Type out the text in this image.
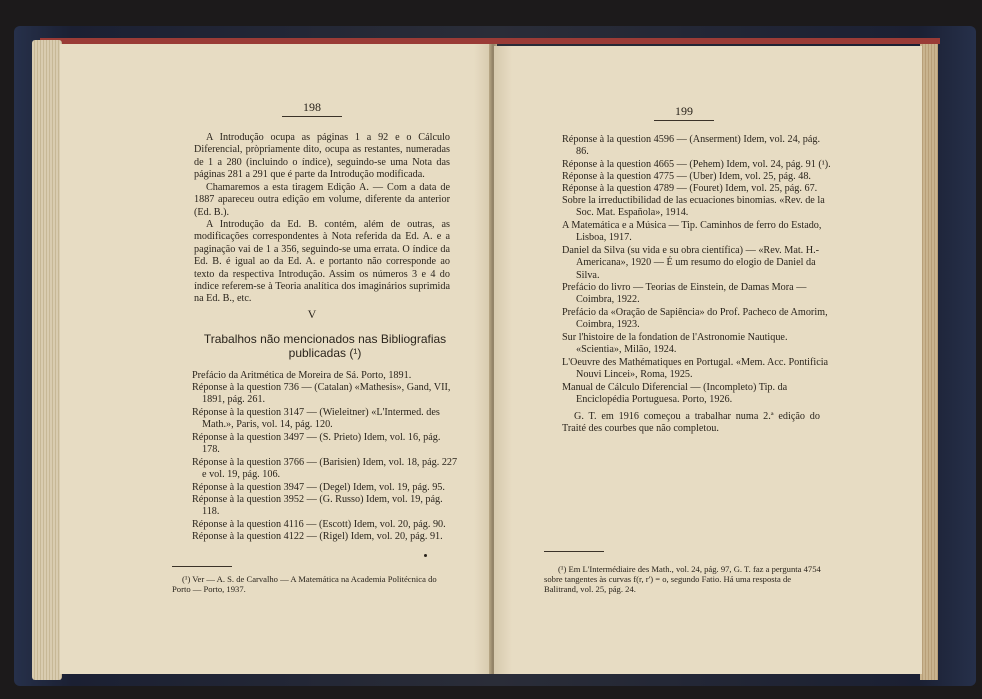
198

A Introdução ocupa as páginas 1 a 92 e o Cálculo Diferencial, pròpriamente dito, ocupa as restantes, numeradas de 1 a 280 (incluindo o índice), seguindo-se uma Nota das páginas 281 a 291 que é parte da Introdução modificada.

Chamaremos a esta tiragem Edição A. — Com a data de 1887 apareceu outra edição em volume, diferente da anterior (Ed. B.).

A Introdução da Ed. B. contém, além de outras, as modificações correspondentes à Nota referida da Ed. A. e a paginação vai de 1 a 356, seguindo-se uma errata. O índice da Ed. B. é igual ao da Ed. A. e portanto não corresponde ao texto da respectiva Introdução. Assim os números 3 e 4 do índice referem-se à Teoria analítica dos imaginários suprimida na Ed. B., etc.

V

Trabalhos não mencionados nas Bibliografias
publicadas (¹)

Prefácio da Aritmética de Moreira de Sá. Porto, 1891.

Réponse à la question 736 — (Catalan) «Mathesis», Gand, VII, 1891, pág. 261.

Réponse à la question 3147 — (Wieleitner) «L'Intermed. des Math.», Paris, vol. 14, pág. 120.

Réponse à la question 3497 — (S. Prieto) Idem, vol. 16, pág. 178.

Réponse à la question 3766 — (Barisien) Idem, vol. 18, pág. 227 e vol. 19, pág. 106.

Réponse à la question 3947 — (Degel) Idem, vol. 19, pág. 95.

Réponse à la question 3952 — (G. Russo) Idem, vol. 19, pág. 118.

Réponse à la question 4116 — (Escott) Idem, vol. 20, pág. 90.

Réponse à la question 4122 — (Rigel) Idem, vol. 20, pág. 91.

(¹) Ver — A. S. de Carvalho — A Matemática na Academia Politécnica do Porto — Porto, 1937.

199

Réponse à la question 4596 — (Anserment) Idem, vol. 24, pág. 86.

Réponse à la question 4665 — (Pehem) Idem, vol. 24, pág. 91 (¹).

Réponse à la question 4775 — (Uber) Idem, vol. 25, pág. 48.

Réponse à la question 4789 — (Fouret) Idem, vol. 25, pág. 67.

Sobre la irreductibilidad de las ecuaciones binomias. «Rev. de la Soc. Mat. Española», 1914.

A Matemática e a Música — Tip. Caminhos de ferro do Estado, Lisboa, 1917.

Daniel da Silva (su vida e su obra científica) — «Rev. Mat. H.-Americana», 1920 — É um resumo do elogio de Daniel da Silva.

Prefácio do livro — Teorias de Einstein, de Damas Mora — Coimbra, 1922.

Prefácio da «Oração de Sapiência» do Prof. Pacheco de Amorim, Coimbra, 1923.

Sur l'histoire de la fondation de l'Astronomie Nautique. «Scientia», Milão, 1924.

L'Oeuvre des Mathématiques en Portugal. «Mem. Acc. Pontificia Nouvi Lincei», Roma, 1925.

Manual de Cálculo Diferencial — (Incompleto) Tip. da Enciclopédia Portuguesa. Porto, 1926.

G. T. em 1916 começou a trabalhar numa 2.ª edição do Traité des courbes que não completou.

(¹) Em L'Intermédiaire des Math., vol. 24, pág. 97, G. T. faz a pergunta 4754 sobre tangentes às curvas f(r, r') = o, segundo Fatio. Há uma resposta de Balitrand, vol. 25, pág. 24.
